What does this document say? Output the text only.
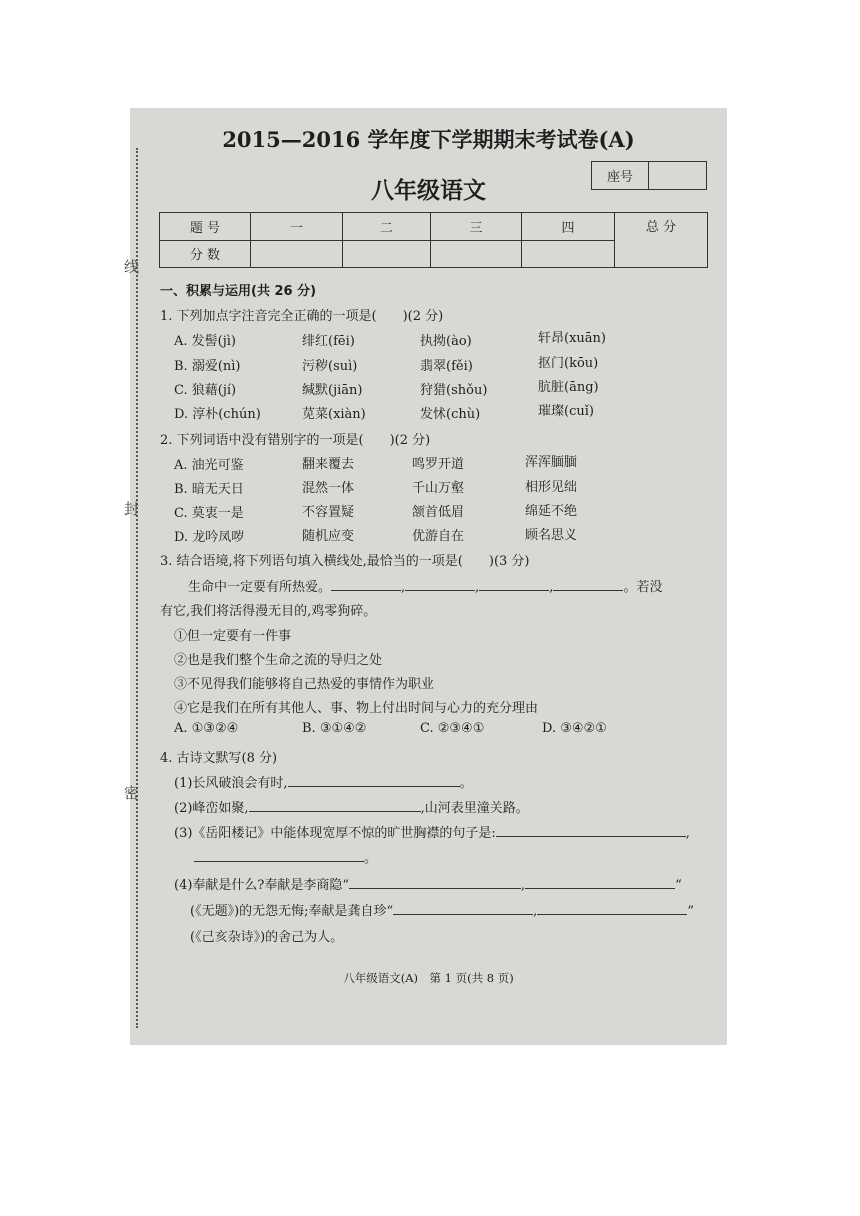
线
封
密
2015—2016 学年度下学期期末考试卷(A)
八年级语文
座号
题 号	一	二	三	四	总 分
分 数					
一、积累与运用(共 26 分)
1. 下列加点字注音完全正确的一项是(　　)(2 分)
A. 发髻(jì)	绯红(fēi)	执拗(ào)	轩昂(xuān)
B. 溺爱(nì)	污秽(suì)	翡翠(fěi)	抠门(kōu)
C. 狼藉(jí)	缄默(jiān)	狩猎(shǒu)	肮脏(āng)
D. 淳朴(chún)	苋菜(xiàn)	发怵(chù)	璀璨(cuǐ)
2. 下列词语中没有错别字的一项是(　　)(2 分)
A. 油光可鉴	翻来覆去	鸣罗开道	浑浑腼腼
B. 暗无天日	混然一体	千山万壑	相形见绌
C. 莫衷一是	不容置疑	颔首低眉	绵延不绝
D. 龙吟凤哕	随机应变	优游自在	顾名思义
3. 结合语境,将下列语句填入横线处,最恰当的一项是(　　)(3 分)
生命中一定要有所热爱。	,	,	,	。若没
有它,我们将活得漫无目的,鸡零狗碎。
①但一定要有一件事
②也是我们整个生命之流的导归之处
③不见得我们能够将自己热爱的事情作为职业
④它是我们在所有其他人、事、物上付出时间与心力的充分理由
A. ①③②④	B. ③①④②	C. ②③④①	D. ③④②①
4. 古诗文默写(8 分)
(1)长风破浪会有时,	。
(2)峰峦如聚,	,山河表里潼关路。
(3)《岳阳楼记》中能体现宽厚不惊的旷世胸襟的句子是:	,
。
(4)奉献是什么?奉献是李商隐“	,	“
(《无题》)的无怨无悔;奉献是龚自珍“	,	”
(《己亥杂诗》)的舍己为人。
八年级语文(A)　第 1 页(共 8 页)
